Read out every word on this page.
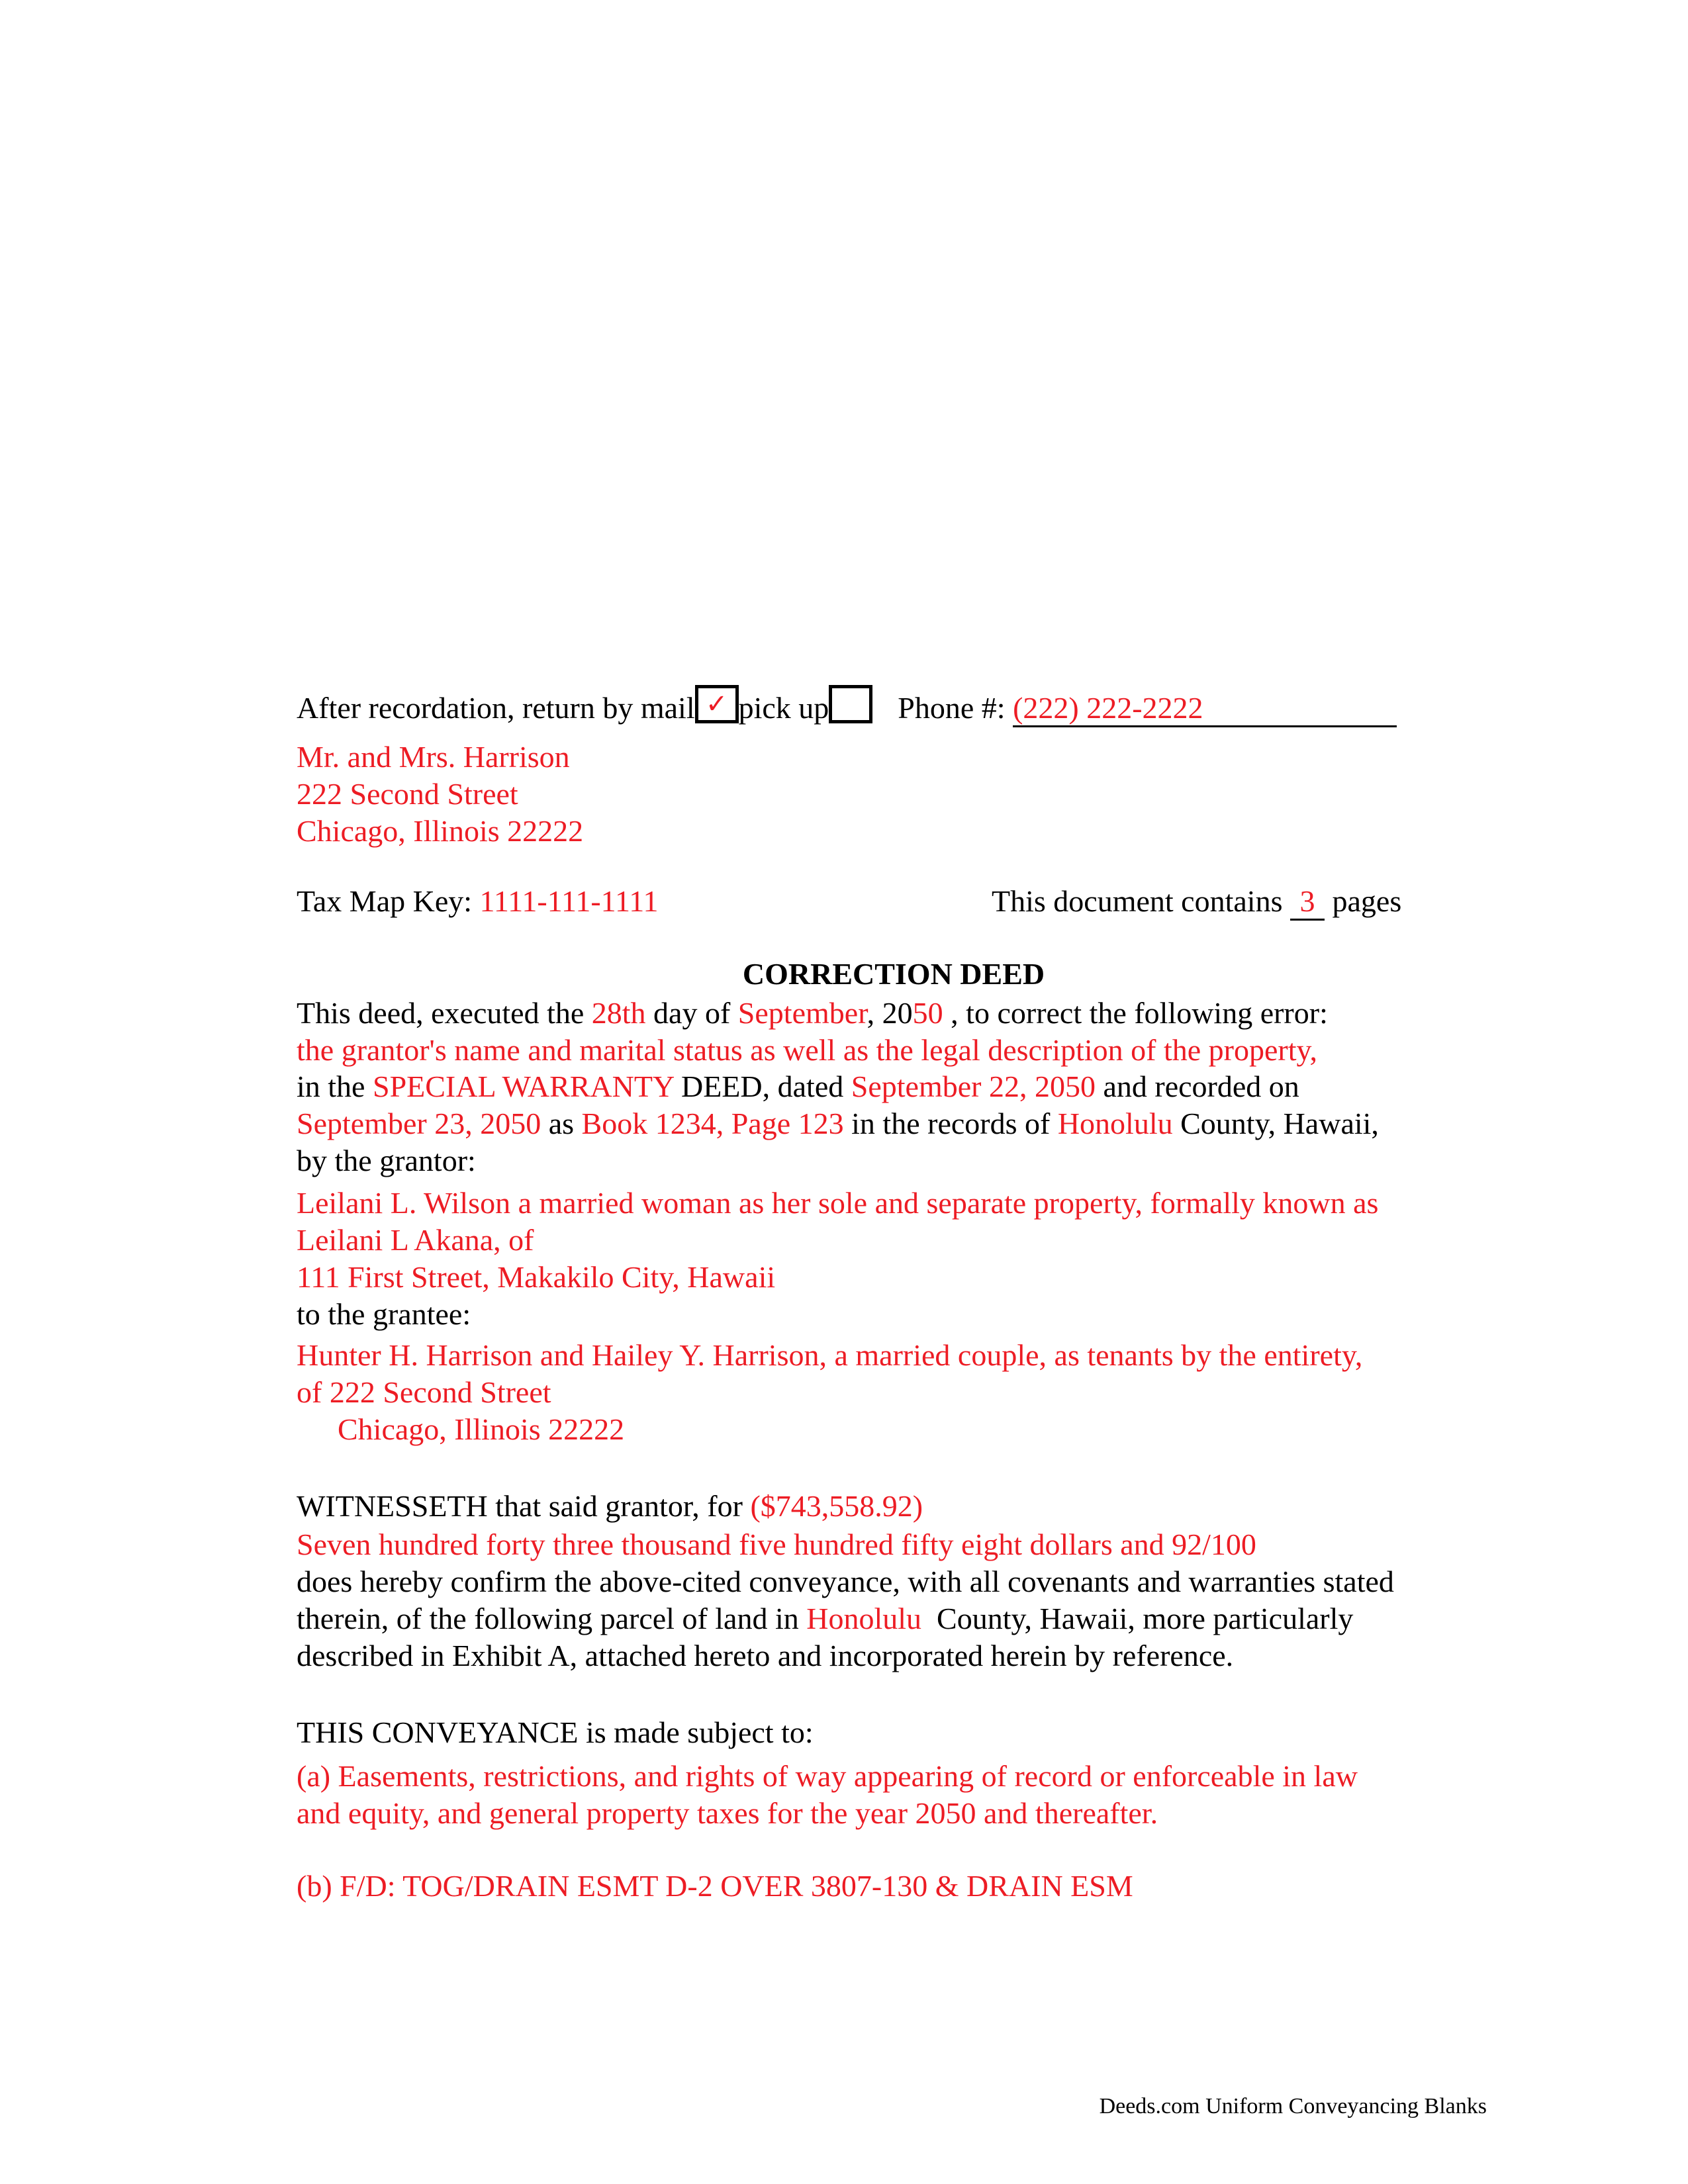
After recordation, return by mail ✓ pick up Phone #: (222) 222-2222
Mr. and Mrs. Harrison
222 Second Street
Chicago, Illinois 22222
Tax Map Key: 1111-111-1111	This document contains 3 pages
CORRECTION DEED
This deed, executed the 28th day of September, 2050 , to correct the following error:
the grantor's name and marital status as well as the legal description of the property,
in the SPECIAL WARRANTY DEED, dated September 22, 2050 and recorded on
September 23, 2050 as Book 1234, Page 123 in the records of Honolulu County, Hawaii,
by the grantor:
Leilani L. Wilson a married woman as her sole and separate property, formally known as
Leilani L Akana, of
111 First Street, Makakilo City, Hawaii
to the grantee:
Hunter H. Harrison and Hailey Y. Harrison, a married couple, as tenants by the entirety,
of 222 Second Street
Chicago, Illinois 22222
WITNESSETH that said grantor, for ($743,558.92)
Seven hundred forty three thousand five hundred fifty eight dollars and 92/100
does hereby confirm the above-cited conveyance, with all covenants and warranties stated
therein, of the following parcel of land in Honolulu County, Hawaii, more particularly
described in Exhibit A, attached hereto and incorporated herein by reference.
THIS CONVEYANCE is made subject to:
(a) Easements, restrictions, and rights of way appearing of record or enforceable in law
and equity, and general property taxes for the year 2050 and thereafter.
(b) F/D: TOG/DRAIN ESMT D-2 OVER 3807-130 & DRAIN ESM
Deeds.com Uniform Conveyancing Blanks
